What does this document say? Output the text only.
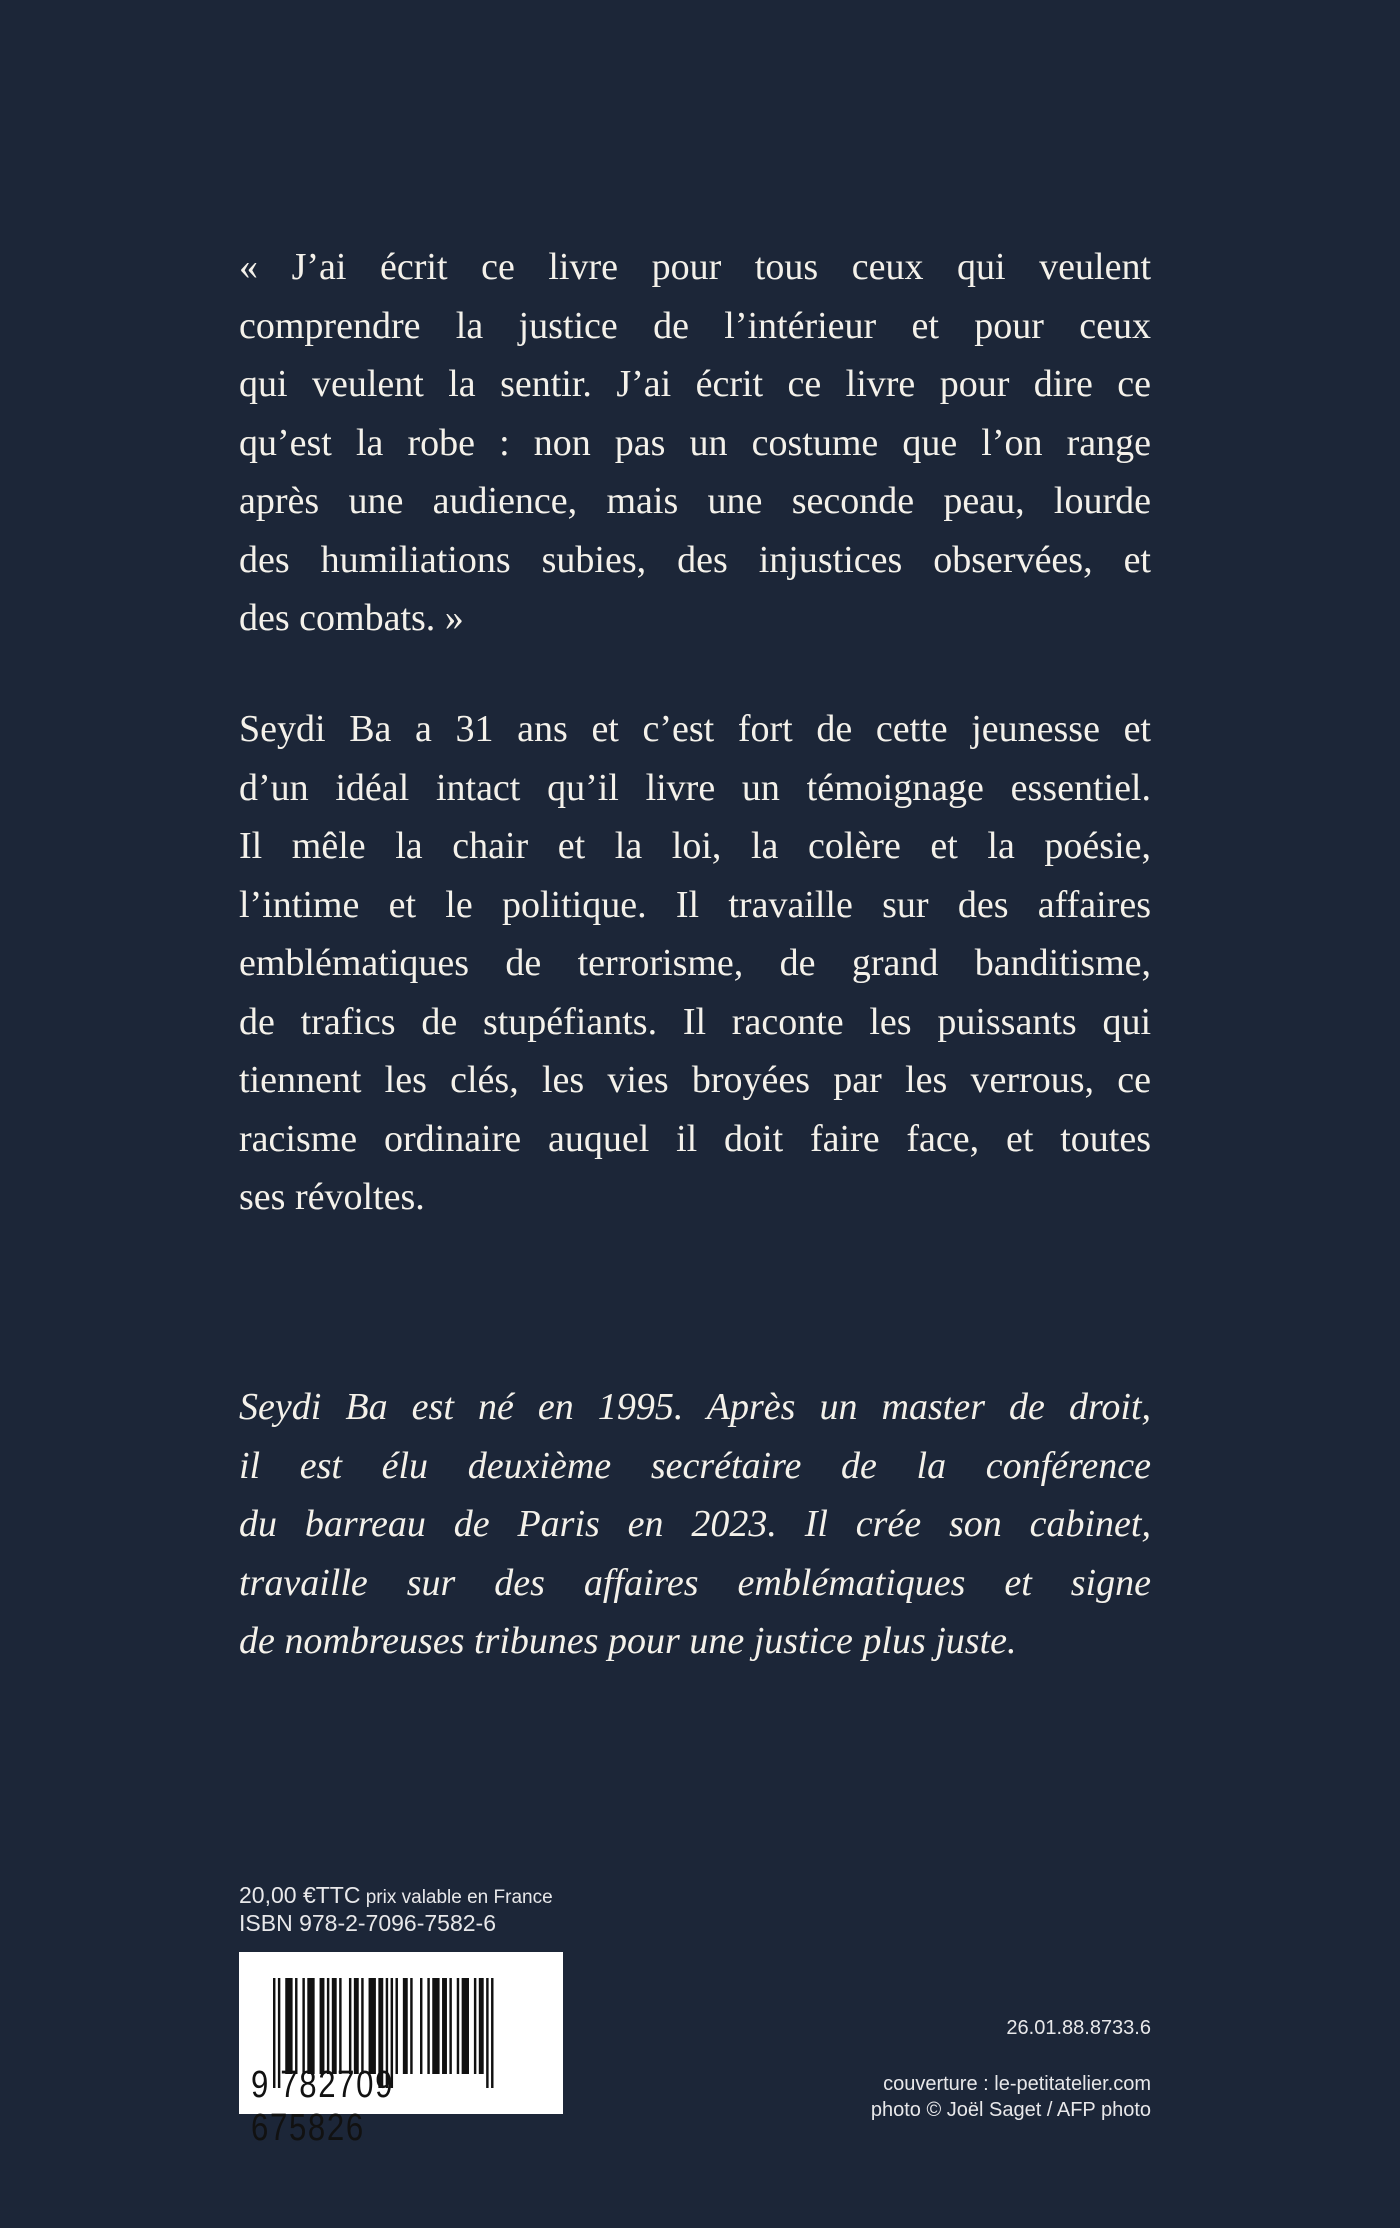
« J’ai écrit ce livre pour tous ceux qui veulent
comprendre la justice de l’intérieur et pour ceux
qui veulent la sentir. J’ai écrit ce livre pour dire ce
qu’est la robe : non pas un costume que l’on range
après une audience, mais une seconde peau, lourde
des humiliations subies, des injustices observées, et
des combats. »
Seydi Ba a 31 ans et c’est fort de cette jeunesse et
d’un idéal intact qu’il livre un témoignage essentiel.
Il mêle la chair et la loi, la colère et la poésie,
l’intime et le politique. Il travaille sur des affaires
emblématiques de terrorisme, de grand banditisme,
de trafics de stupéfiants. Il raconte les puissants qui
tiennent les clés, les vies broyées par les verrous, ce
racisme ordinaire auquel il doit faire face, et toutes
ses révoltes.
Seydi Ba est né en 1995. Après un master de droit,
il est élu deuxième secrétaire de la conférence
du barreau de Paris en 2023. Il crée son cabinet,
travaille sur des affaires emblématiques et signe
de nombreuses tribunes pour une justice plus juste.
20,00 €TTC prix valable en France
ISBN 978-2-7096-7582-6
9 782709 675826
26.01.88.8733.6
couverture : le-petitatelier.com
photo © Joël Saget / AFP photo
